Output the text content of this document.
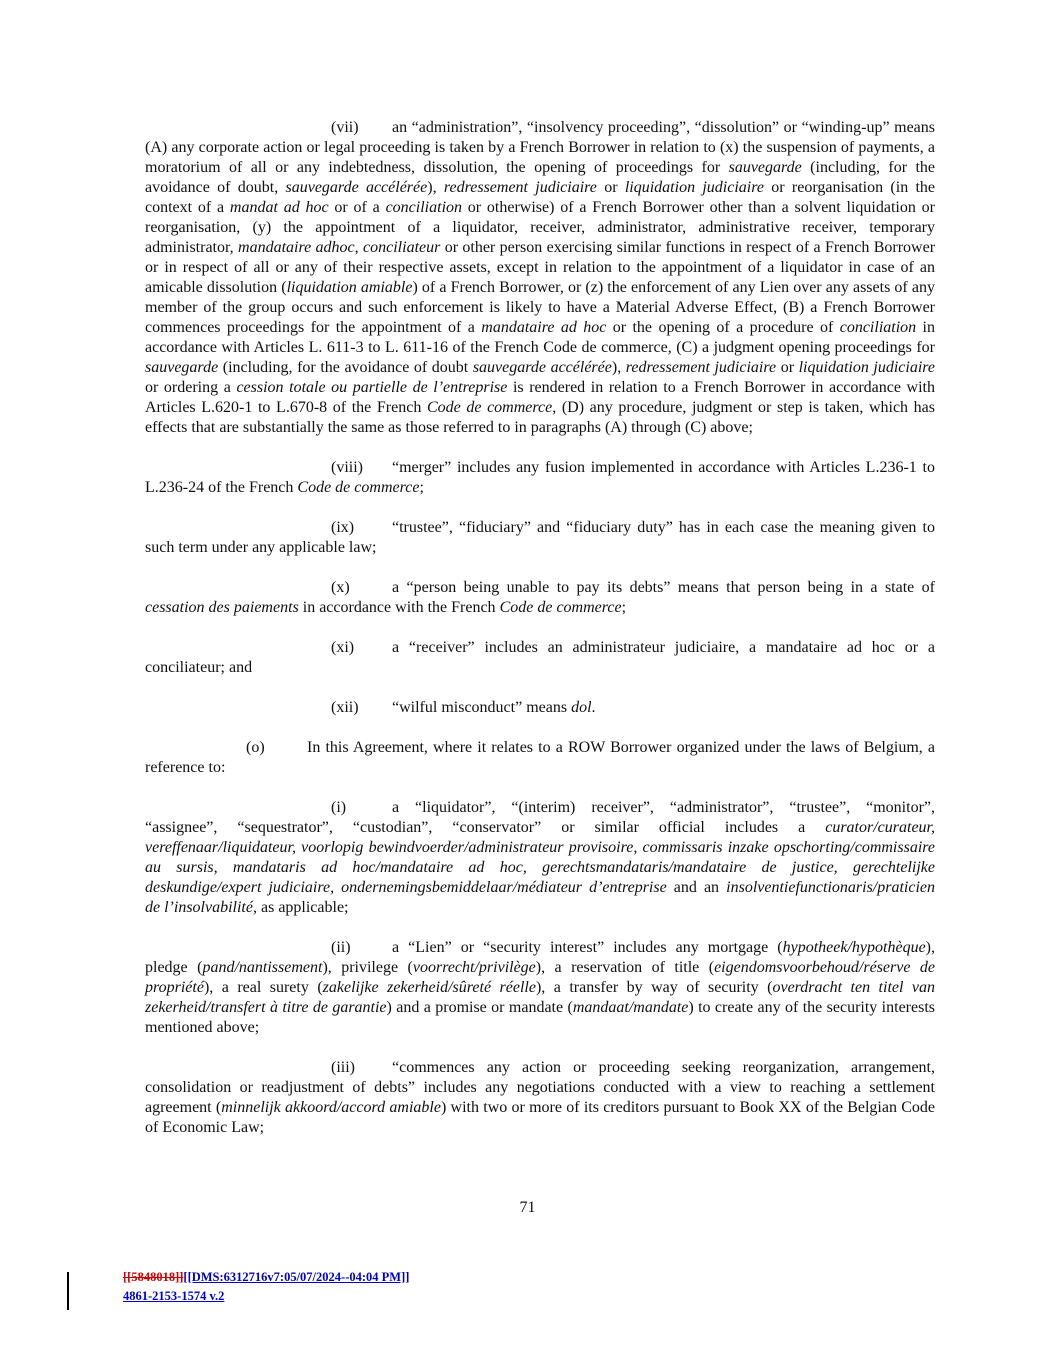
(vii) an “administration”, “insolvency proceeding”, “dissolution” or “winding-up” means (A) any corporate action or legal proceeding is taken by a French Borrower in relation to (x) the suspension of payments, a moratorium of all or any indebtedness, dissolution, the opening of proceedings for sauvegarde (including, for the avoidance of doubt, sauvegarde accélérée), redressement judiciaire or liquidation judiciaire or reorganisation (in the context of a mandat ad hoc or of a conciliation or otherwise) of a French Borrower other than a solvent liquidation or reorganisation, (y) the appointment of a liquidator, receiver, administrator, administrative receiver, temporary administrator, mandataire adhoc, conciliateur or other person exercising similar functions in respect of a French Borrower or in respect of all or any of their respective assets, except in relation to the appointment of a liquidator in case of an amicable dissolution (liquidation amiable) of a French Borrower, or (z) the enforcement of any Lien over any assets of any member of the group occurs and such enforcement is likely to have a Material Adverse Effect, (B) a French Borrower commences proceedings for the appointment of a mandataire ad hoc or the opening of a procedure of conciliation in accordance with Articles L. 611-3 to L. 611-16 of the French Code de commerce, (C) a judgment opening proceedings for sauvegarde (including, for the avoidance of doubt sauvegarde accélérée), redressement judiciaire or liquidation judiciaire or ordering a cession totale ou partielle de l’entreprise is rendered in relation to a French Borrower in accordance with Articles L.620-1 to L.670-8 of the French Code de commerce, (D) any procedure, judgment or step is taken, which has effects that are substantially the same as those referred to in paragraphs (A) through (C) above;

(viii) “merger” includes any fusion implemented in accordance with Articles L.236-1 to L.236-24 of the French Code de commerce;

(ix) “trustee”, “fiduciary” and “fiduciary duty” has in each case the meaning given to such term under any applicable law;

(x)	a “person being unable to pay its debts” means that person being in a state of cessation des paiements in accordance with the French Code de commerce;

(xi) a “receiver” includes an administrateur judiciaire, a mandataire ad hoc or a conciliateur; and

(xii) “wilful misconduct” means dol.

(o)	In this Agreement, where it relates to a ROW Borrower organized under the laws of Belgium, a reference to:

(i)	a “liquidator”, “(interim) receiver”, “administrator”, “trustee”, “monitor”, “assignee”, “sequestrator”, “custodian”, “conservator” or similar official includes a curator/curateur, vereffenaar/liquidateur, voorlopig bewindvoerder/administrateur provisoire, commissaris inzake opschorting/commissaire au sursis, mandataris ad hoc/mandataire ad hoc, gerechtsmandataris/mandataire de justice, gerechtelijke deskundige/expert judiciaire, ondernemingsbemiddelaar/médiateur d’entreprise and an insolventiefunctionaris/praticien de l’insolvabilité, as applicable;

(ii)	a “Lien” or “security interest” includes any mortgage (hypotheek/hypothèque), pledge (pand/nantissement), privilege (voorrecht/privilège), a reservation of title (eigendomsvoorbehoud/réserve de propriété), a real surety (zakelijke zekerheid/sûreté réelle), a transfer by way of security (overdracht ten titel van zekerheid/transfert à titre de garantie) and a promise or mandate (mandaat/mandate) to create any of the security interests mentioned above;

(iii) “commences any action or proceeding seeking reorganization, arrangement, consolidation or readjustment of debts” includes any negotiations conducted with a view to reaching a settlement agreement (minnelijk akkoord/accord amiable) with two or more of its creditors pursuant to Book XX of the Belgian Code of Economic Law;

71
[[5848018]][[DMS:6312716v7:05/07/2024--04:04 PM]]
4861-2153-1574 v.2
